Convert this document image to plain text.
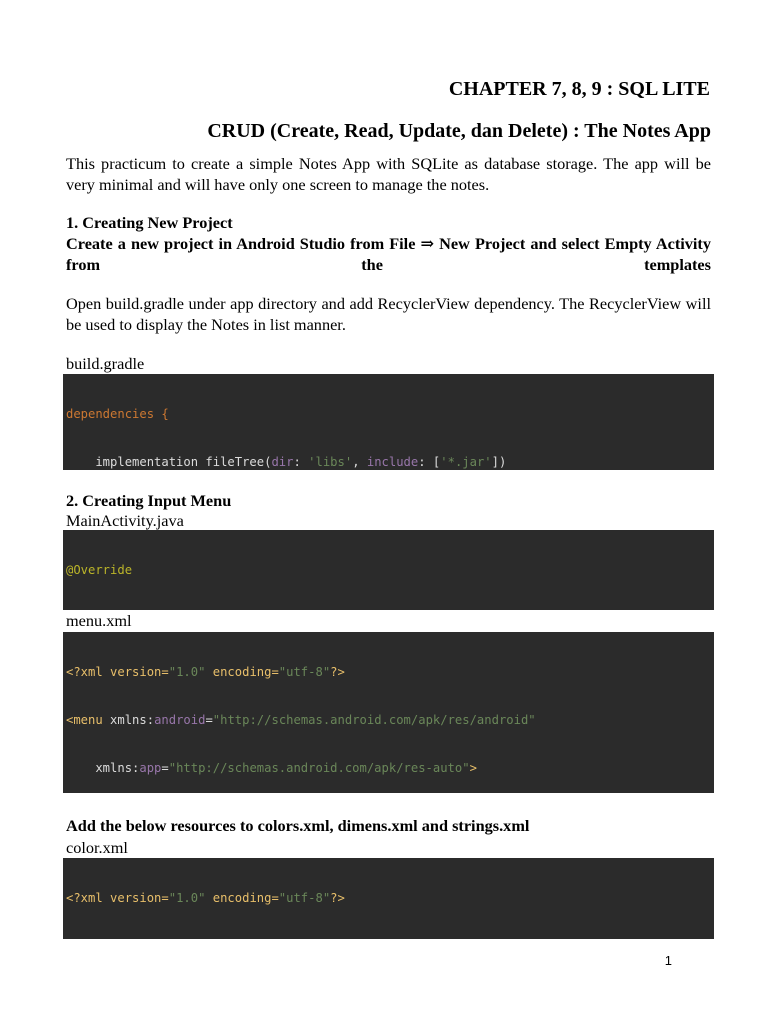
CHAPTER 7, 8, 9 : SQL LITE
CRUD (Create, Read, Update, dan Delete) : The Notes App

This practicum to create a simple Notes App with SQLite as database storage. The app will be very minimal and will have only one screen to manage the notes.

1. Creating New Project

Create a new project in Android Studio from File ⇒ New Project and select Empty Activity from the templates

Open build.gradle under app directory and add RecyclerView dependency. The RecyclerView will be used to display the Notes in list manner.

build.gradle

dependencies {

implementation fileTree(dir: 'libs', include: ['*.jar'])

2. Creating Input Menu

MainActivity.java

@Override

menu.xml

<?xml version="1.0" encoding="utf-8"?>

<menu xmlns:android="http://schemas.android.com/apk/res/android"

xmlns:app="http://schemas.android.com/apk/res-auto">

Add the below resources to colors.xml, dimens.xml and strings.xml

color.xml

<?xml version="1.0" encoding="utf-8"?>

1
